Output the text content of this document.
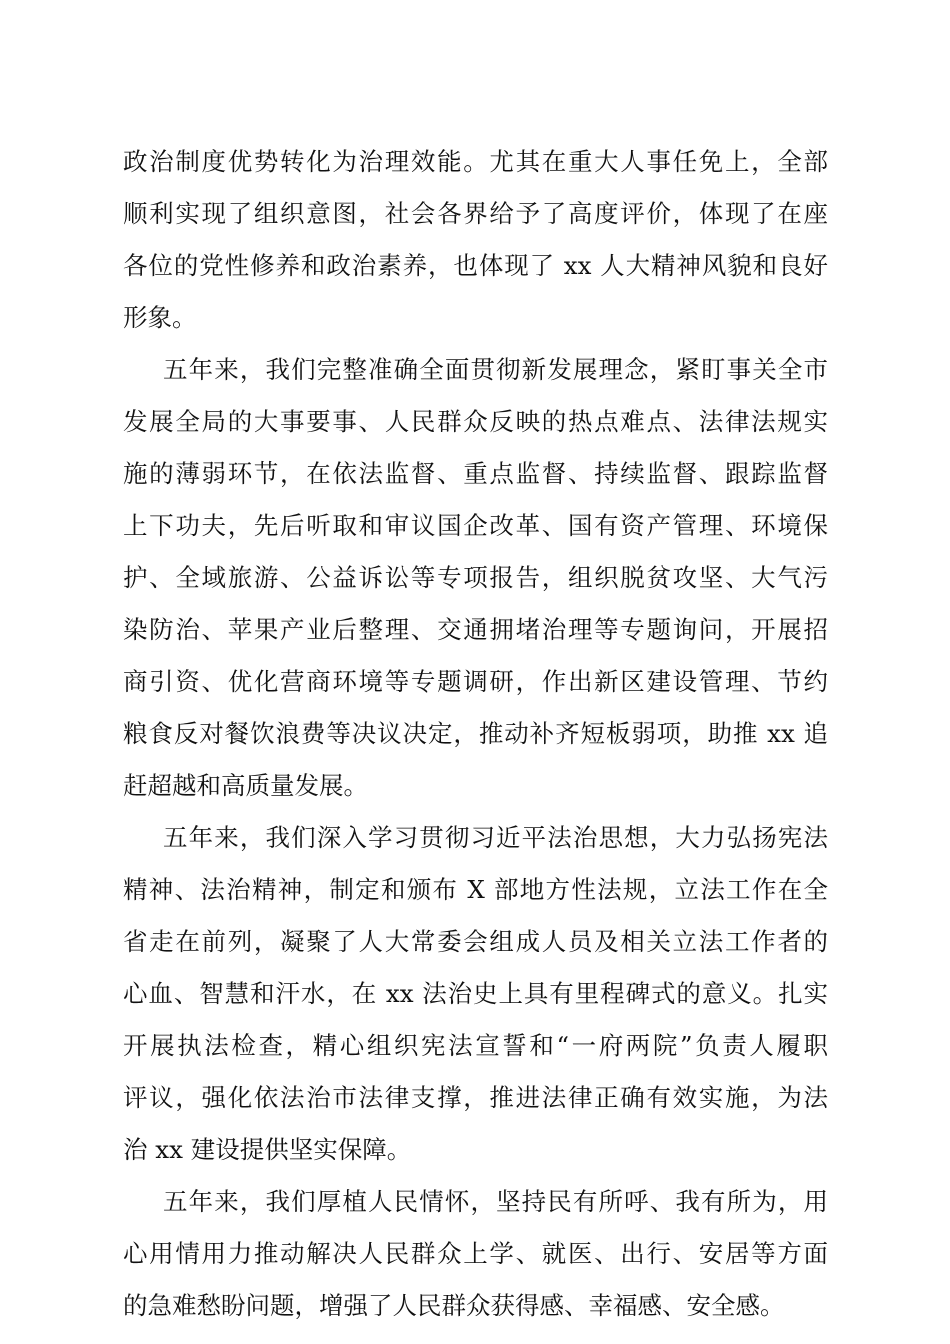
政治制度优势转化为治理效能。尤其在重大人事任免上，全部
顺利实现了组织意图，社会各界给予了高度评价，体现了在座
各位的党性修养和政治素养，也体现了 xx 人大精神风貌和良好
形象。
五年来，我们完整准确全面贯彻新发展理念，紧盯事关全市
发展全局的大事要事、人民群众反映的热点难点、法律法规实
施的薄弱环节，在依法监督、重点监督、持续监督、跟踪监督
上下功夫，先后听取和审议国企改革、国有资产管理、环境保
护、全域旅游、公益诉讼等专项报告，组织脱贫攻坚、大气污
染防治、苹果产业后整理、交通拥堵治理等专题询问，开展招
商引资、优化营商环境等专题调研，作出新区建设管理、节约
粮食反对餐饮浪费等决议决定，推动补齐短板弱项，助推 xx 追
赶超越和高质量发展。
五年来，我们深入学习贯彻习近平法治思想，大力弘扬宪法
精神、法治精神，制定和颁布 X 部地方性法规，立法工作在全
省走在前列，凝聚了人大常委会组成人员及相关立法工作者的
心血、智慧和汗水，在 xx 法治史上具有里程碑式的意义。扎实
开展执法检查，精心组织宪法宣誓和“一府两院”负责人履职
评议，强化依法治市法律支撑，推进法律正确有效实施，为法
治 xx 建设提供坚实保障。
五年来，我们厚植人民情怀，坚持民有所呼、我有所为，用
心用情用力推动解决人民群众上学、就医、出行、安居等方面
的急难愁盼问题，增强了人民群众获得感、幸福感、安全感。
